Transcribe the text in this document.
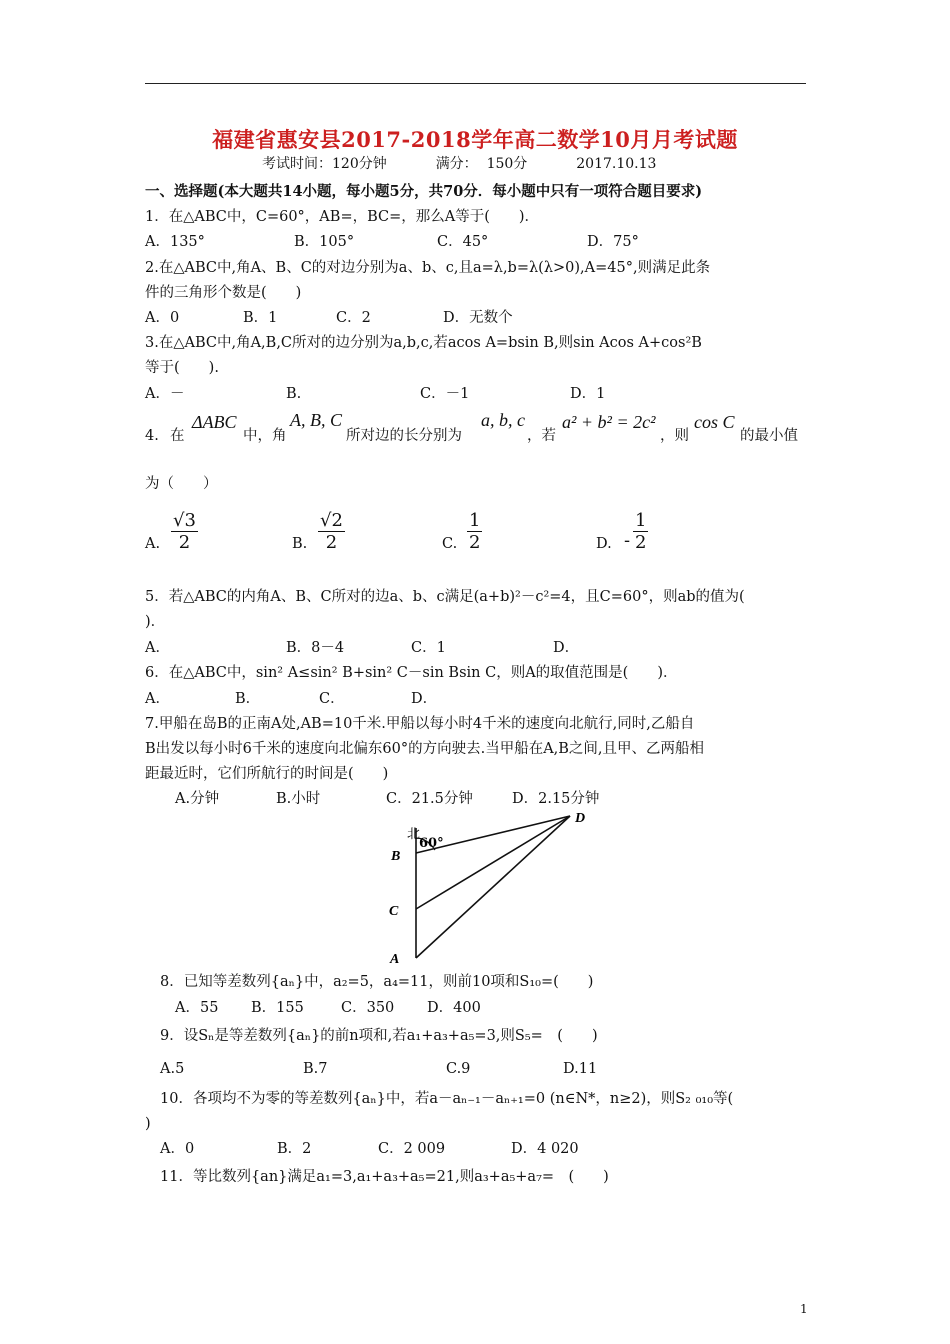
福建省惠安县2017-2018学年高二数学10月月考试题
考试时间：120分钟	满分：  150分	2017.10.13
一、选择题(本大题共14小题，每小题5分，共70分．每小题中只有一项符合题目要求)
1．在△ABC中，C=60°，AB=，BC=，那么A等于(　　)．
A．135°	B．105°	C．45°	D．75°
2.在△ABC中,角A、B、C的对边分别为a、b、c,且a=λ,b=λ(λ>0),A=45°,则满足此条
件的三角形个数是(　　)
A．0	B．1	C．2	D．无数个
3.在△ABC中,角A,B,C所对的边分别为a,b,c,若acos A=bsin B,则sin Acos A+cos²B
等于(　　).
A．－	B.	C．－1	D．1
4. 在
ΔABC
中，角
A, B, C
所对边的长分别为
a, b, c
，若
a² + b² = 2c²
，则
cos C
的最小值
为（　　）
A. $\frac{√3}{2}$	B. $\frac{√2}{2}$	C. $\frac{1}{2}$	D. - $\frac{1}{2}$
5．若△ABC的内角A、B、C所对的边a、b、c满足(a+b)²－c²=4，且C=60°，则ab的值为(
)．
A．	B．8－4	C．1	D．
6．在△ABC中，sin² A≤sin² B+sin² C－sin Bsin C，则A的取值范围是(　　)．
A．	B．	C．	D．
7.甲船在岛B的正南A处,AB=10千米.甲船以每小时4千米的速度向北航行,同时,乙船自
B出发以每小时6千米的速度向北偏东60°的方向驶去.当甲船在A,B之间,且甲、乙两船相
距最近时，它们所航行的时间是(　　)
A.分钟	B.小时	C．21.5分钟	D．2.15分钟
北
60°
B
C
A
D
8．已知等差数列{aₙ}中，a₂=5，a₄=11，则前10项和S₁₀=(　　)
A．55 B．155	C．350 D．400
9．设Sₙ是等差数列{aₙ}的前n项和,若a₁+a₃+a₅=3,则S₅=　(　　)
A.5	B.7	C.9	D.11
10．各项均不为零的等差数列{aₙ}中，若a－aₙ₋₁－aₙ₊₁=0 (n∈N*，n≥2)，则S₂ ₀₁₀等(
)
A．0	B．2	C．2 009	D．4 020
11．等比数列{an}满足a₁=3,a₁+a₃+a₅=21,则a₃+a₅+a₇=　(　　)
1
